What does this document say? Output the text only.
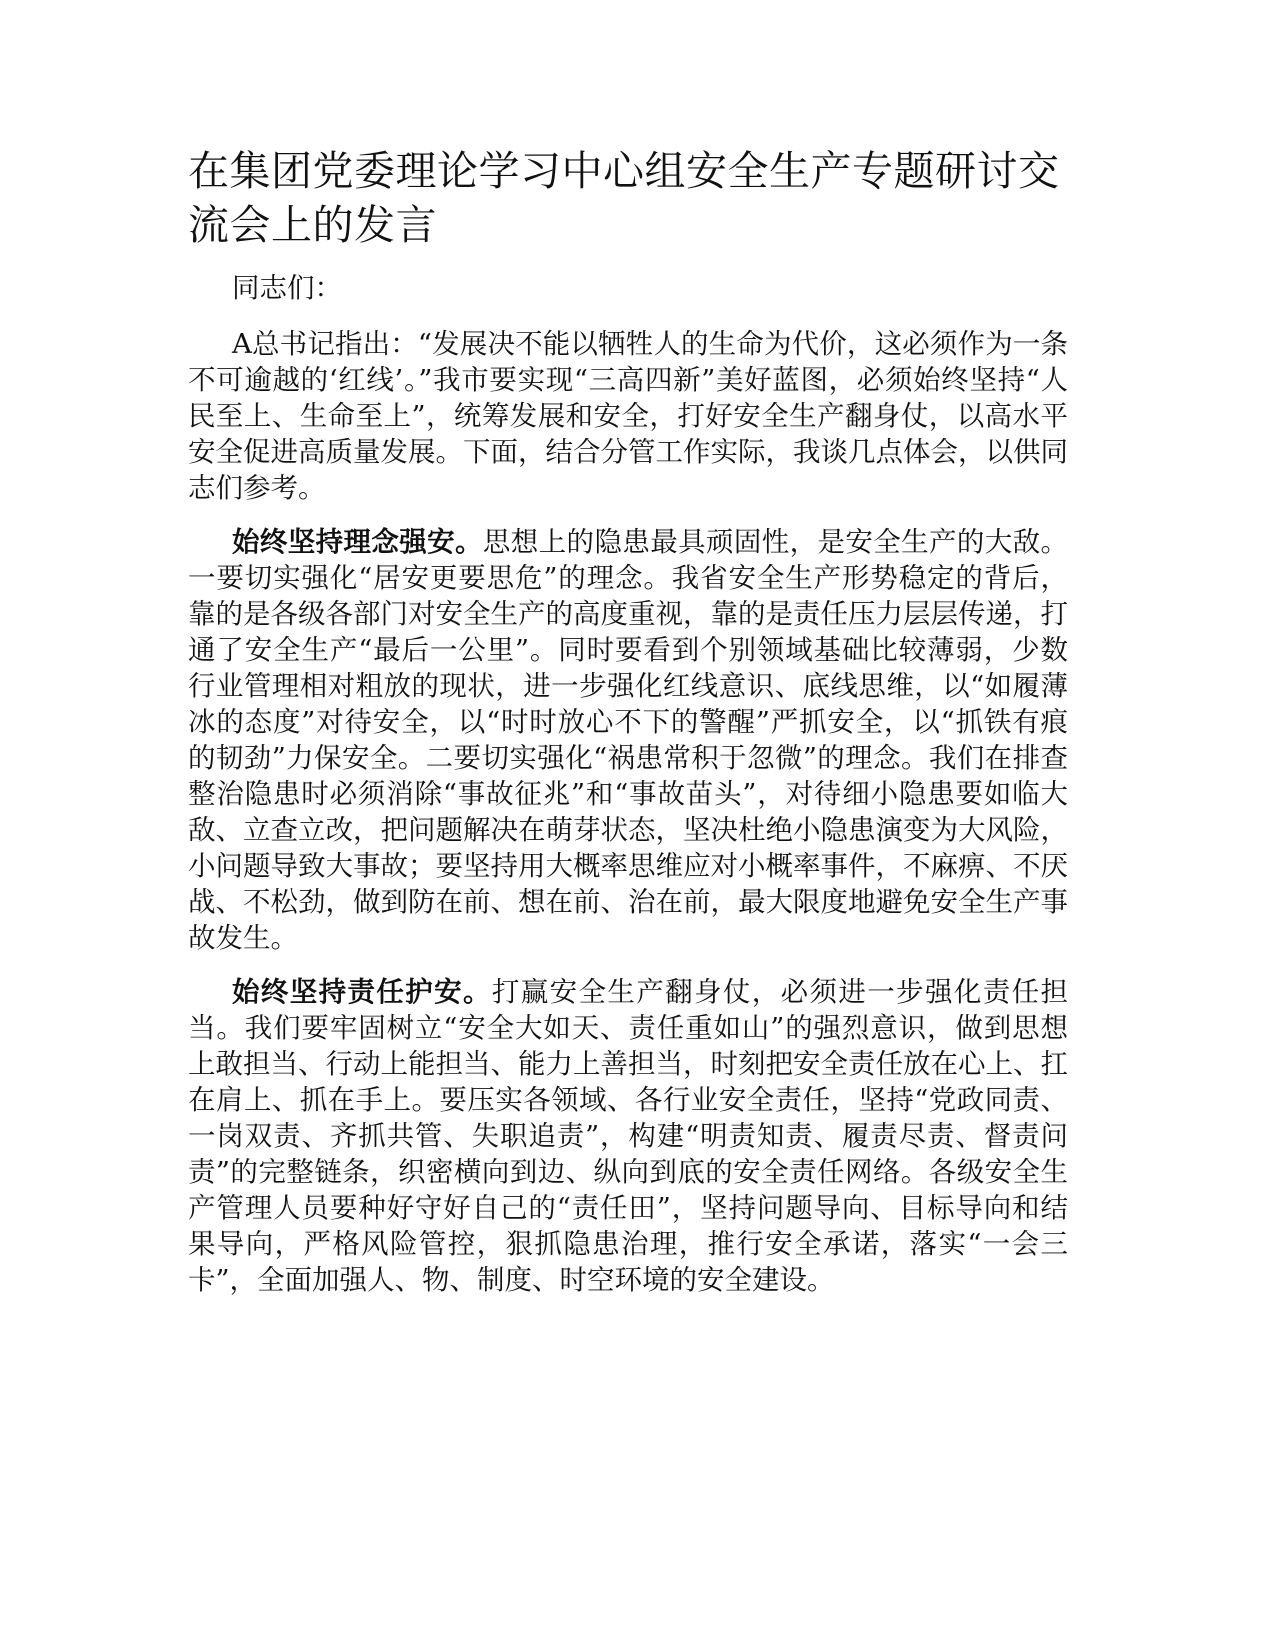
在集团党委理论学习中心组安全生产专题研讨交流会上的发言

同志们：

A总书记指出：“发展决不能以牺牲人的生命为代价，这必须作为一条不可逾越的‘红线’。”我市要实现“三高四新”美好蓝图，必须始终坚持“人民至上、生命至上”，统筹发展和安全，打好安全生产翻身仗，以高水平安全促进高质量发展。下面，结合分管工作实际，我谈几点体会，以供同志们参考。

始终坚持理念强安。思想上的隐患最具顽固性，是安全生产的大敌。一要切实强化“居安更要思危”的理念。我省安全生产形势稳定的背后，靠的是各级各部门对安全生产的高度重视，靠的是责任压力层层传递，打通了安全生产“最后一公里”。同时要看到个别领域基础比较薄弱，少数行业管理相对粗放的现状，进一步强化红线意识、底线思维，以“如履薄冰的态度”对待安全，以“时时放心不下的警醒”严抓安全，以“抓铁有痕的韧劲”力保安全。二要切实强化“祸患常积于忽微”的理念。我们在排查整治隐患时必须消除“事故征兆”和“事故苗头”，对待细小隐患要如临大敌、立查立改，把问题解决在萌芽状态，坚决杜绝小隐患演变为大风险，小问题导致大事故；要坚持用大概率思维应对小概率事件，不麻痹、不厌战、不松劲，做到防在前、想在前、治在前，最大限度地避免安全生产事故发生。

始终坚持责任护安。打赢安全生产翻身仗，必须进一步强化责任担当。我们要牢固树立“安全大如天、责任重如山”的强烈意识，做到思想上敢担当、行动上能担当、能力上善担当，时刻把安全责任放在心上、扛在肩上、抓在手上。要压实各领域、各行业安全责任，坚持“党政同责、一岗双责、齐抓共管、失职追责”，构建“明责知责、履责尽责、督责问责”的完整链条，织密横向到边、纵向到底的安全责任网络。各级安全生产管理人员要种好守好自己的“责任田”，坚持问题导向、目标导向和结果导向，严格风险管控，狠抓隐患治理，推行安全承诺，落实“一会三卡”，全面加强人、物、制度、时空环境的安全建设。
